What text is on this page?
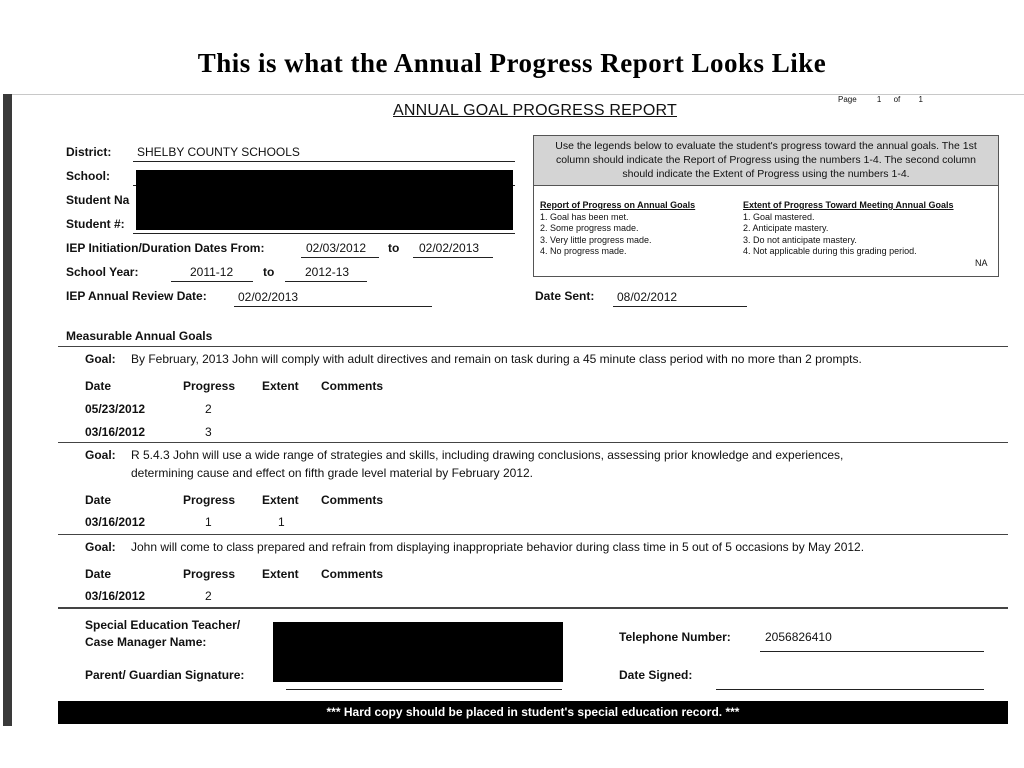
This is what the Annual Progress Report Looks Like
ANNUAL GOAL PROGRESS REPORT
Page	1 of 1
District: SHELBY COUNTY SCHOOLS
School:
Student Na
Student #:
IEP Initiation/Duration Dates From:	02/03/2012 to 02/02/2013
School Year:	2011-12 to	2012-13
IEP Annual Review Date:	02/02/2013	Date Sent: 08/02/2012
Use the legends below to evaluate the student's progress toward the annual goals. The 1st column should indicate the Report of Progress using the numbers 1-4. The second column should indicate the Extent of Progress using the numbers 1-4.
Report of Progress on Annual Goals
1. Goal has been met.
2. Some progress made.
3. Very little progress made.
4. No progress made.
Extent of Progress Toward Meeting Annual Goals
1. Goal mastered.
2. Anticipate mastery.
3. Do not anticipate mastery.
4. Not applicable during this grading period.
NA
Measurable Annual Goals
Goal: By February, 2013 John will comply with adult directives and remain on task during a 45 minute class period with no more than 2 prompts.
Date	Progress Extent Comments
05/23/2012	2
03/16/2012	3
Goal: R 5.4.3 John will use a wide range of strategies and skills, including drawing conclusions, assessing prior knowledge and experiences,
determining cause and effect on fifth grade level material by February 2012.
Date	Progress Extent Comments
03/16/2012	1	1
Goal: John will come to class prepared and refrain from displaying inappropriate behavior during class time in 5 out of 5 occasions by May 2012.
Date	Progress Extent Comments
03/16/2012	2
Special Education Teacher/
Case Manager Name:	Telephone Number:	2056826410
Parent/ Guardian Signature:	Date Signed:
*** Hard copy should be placed in student's special education record. ***
